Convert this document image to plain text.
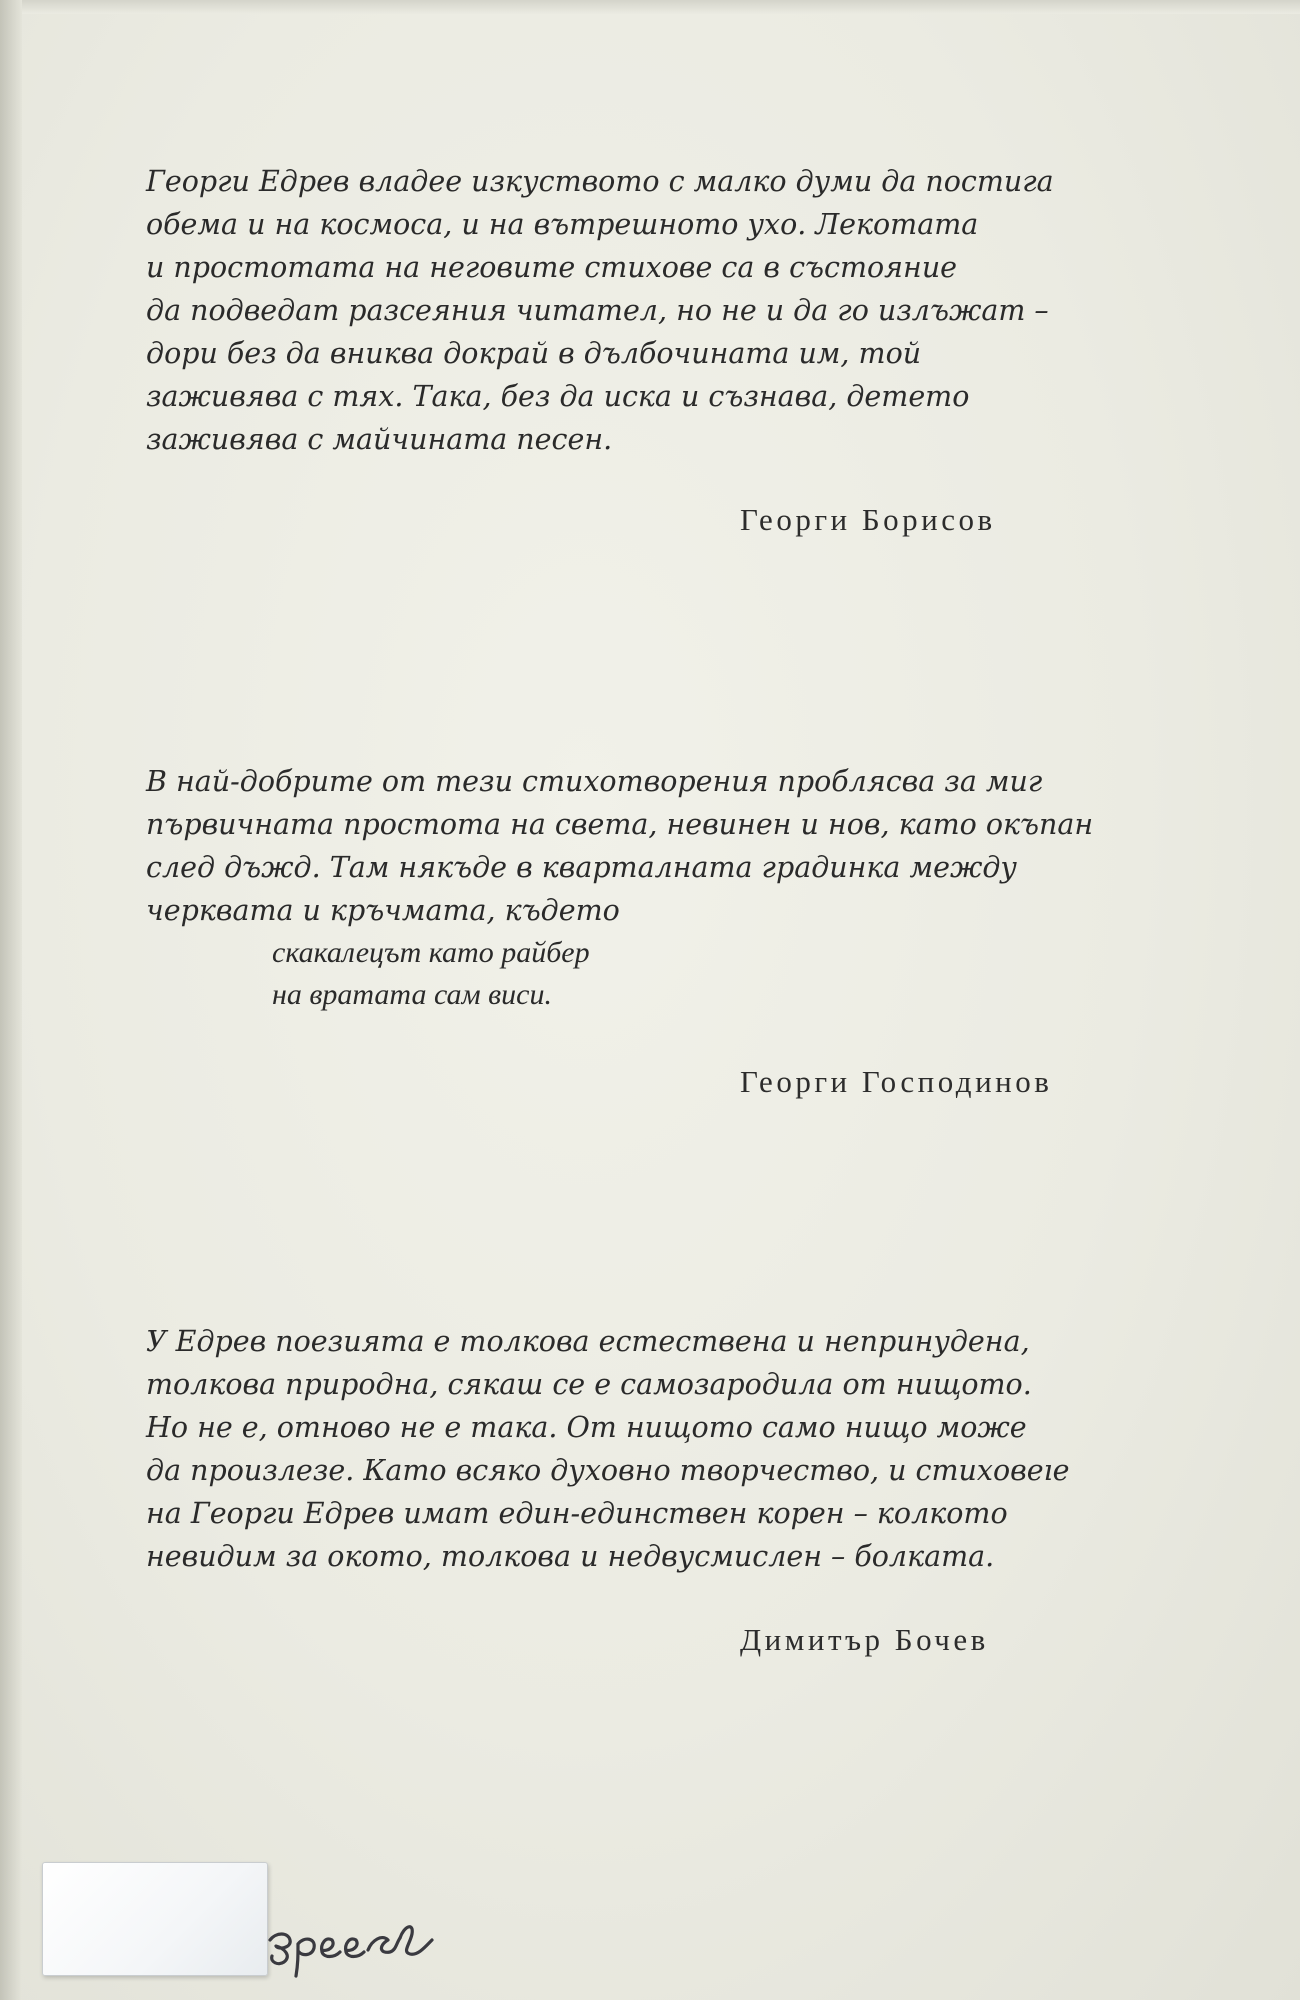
Георги Едрев владее изкуството с малко думи да постига
обема и на космоса, и на вътрешното ухо. Лекотата
и простотата на неговите стихове са в състояние
да подведат разсеяния читател, но не и да го излъжат –
дори без да вниква докрай в дълбочината им, той
заживява с тях. Така, без да иска и съзнава, детето
заживява с майчината песен.

Георги Борисов

В най-добрите от тези стихотворения проблясва за миг
първичната простота на света, невинен и нов, като окъпан
след дъжд. Там някъде в кварталната градинка между
черквата и кръчмата, където

скакалецът като райбер
на вратата сам виси.

Георги Господинов

У Едрев поезията е толкова естествена и непринудена,
толкова природна, сякаш се е самозародила от нищото.
Но не е, отново не е така. От нищото само нищо може
да произлезе. Като всяко духовно творчество, и стиховеıe
на Георги Едрев имат един-единствен корен – колкото
невидим за окото, толкова и недвусмислен – болката.

Димитър Бочев
